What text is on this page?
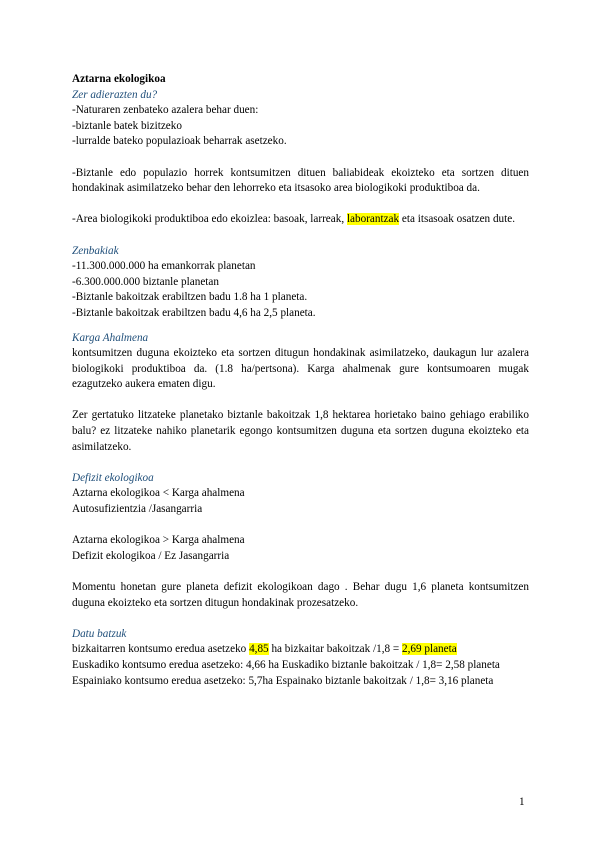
Aztarna ekologikoa

Zer adierazten du?

-Naturaren zenbateko azalera behar duen:

-biztanle batek bizitzeko

-lurralde bateko populazioak beharrak asetzeko.

-Biztanle edo populazio horrek kontsumitzen dituen baliabideak ekoizteko eta sortzen dituen hondakinak asimilatzeko behar den lehorreko eta itsasoko area biologikoki produktiboa da.

-Area biologikoki produktiboa edo ekoizlea: basoak, larreak, laborantzak eta itsasoak osatzen dute.

Zenbakiak

-11.300.000.000 ha emankorrak planetan

-6.300.000.000 biztanle planetan

-Biztanle bakoitzak erabiltzen badu 1.8 ha 1 planeta.

-Biztanle bakoitzak erabiltzen badu 4,6 ha 2,5 planeta.

Karga Ahalmena

kontsumitzen duguna ekoizteko eta sortzen ditugun hondakinak asimilatzeko, daukagun lur azalera biologikoki produktiboa da. (1.8 ha/pertsona). Karga ahalmenak gure kontsumoaren mugak ezagutzeko aukera ematen digu.

Zer gertatuko litzateke planetako biztanle bakoitzak 1,8 hektarea horietako baino gehiago erabiliko balu? ez litzateke nahiko planetarik egongo kontsumitzen duguna eta sortzen duguna ekoizteko eta asimilatzeko.

Defizit ekologikoa

Aztarna ekologikoa < Karga ahalmena

Autosufizientzia /Jasangarria

Aztarna ekologikoa > Karga ahalmena

Defizit ekologikoa / Ez Jasangarria

Momentu honetan gure planeta defizit ekologikoan dago . Behar dugu 1,6 planeta kontsumitzen duguna ekoizteko eta sortzen ditugun hondakinak prozesatzeko.

Datu batzuk

bizkaitarren kontsumo eredua asetzeko 4,85 ha bizkaitar bakoitzak /1,8 = 2,69 planeta

Euskadiko kontsumo eredua asetzeko: 4,66 ha Euskadiko biztanle bakoitzak / 1,8= 2,58 planeta

Espainiako kontsumo eredua asetzeko: 5,7ha Espainako biztanle bakoitzak / 1,8= 3,16 planeta

1
